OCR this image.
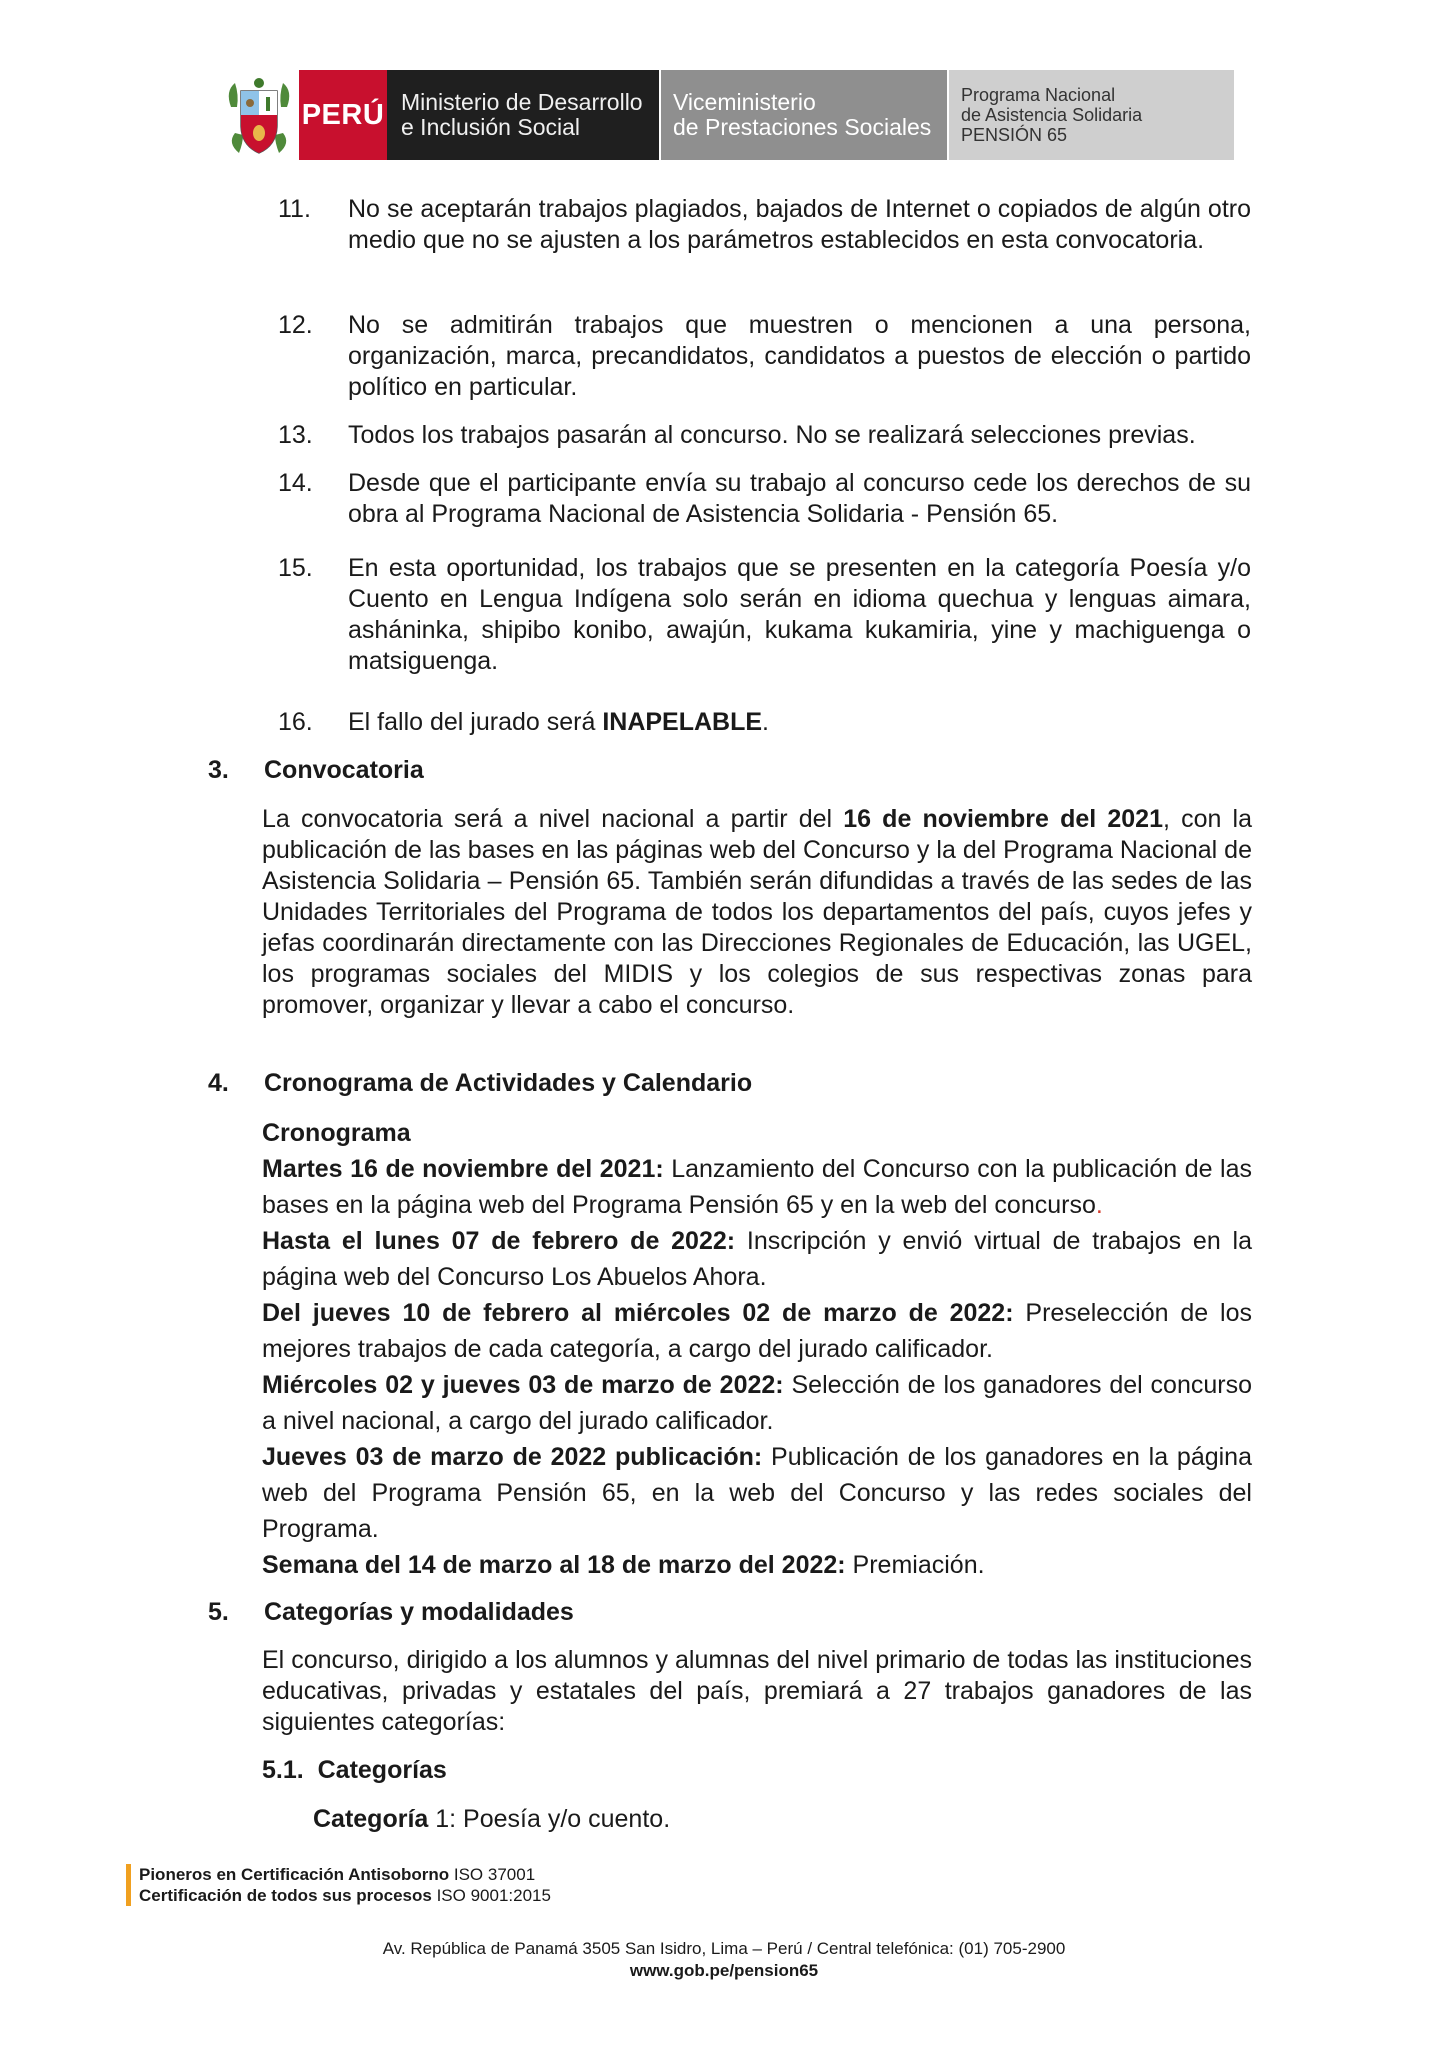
PERÚ Ministerio de Desarrollo
e Inclusión Social
Viceministerio
de Prestaciones Sociales
Programa Nacional
de Asistencia Solidaria
PENSIÓN 65
11.	No se aceptarán trabajos plagiados, bajados de Internet o copiados de algún otro medio que no se ajusten a los parámetros establecidos en esta convocatoria.
12.	No se admitirán trabajos que muestren o mencionen a una persona, organización, marca, precandidatos, candidatos a puestos de elección o partido político en particular.
13.	Todos los trabajos pasarán al concurso. No se realizará selecciones previas.
14.	Desde que el participante envía su trabajo al concurso cede los derechos de su obra al Programa Nacional de Asistencia Solidaria - Pensión 65.
15.	En esta oportunidad, los trabajos que se presenten en la categoría Poesía y/o Cuento en Lengua Indígena solo serán en idioma quechua y lenguas aimara, asháninka, shipibo konibo, awajún, kukama kukamiria, yine y machiguenga o matsiguenga.
16.	El fallo del jurado será INAPELABLE.
3. Convocatoria
La convocatoria será a nivel nacional a partir del 16 de noviembre del 2021, con la publicación de las bases en las páginas web del Concurso y la del Programa Nacional de Asistencia Solidaria – Pensión 65. También serán difundidas a través de las sedes de las Unidades Territoriales del Programa de todos los departamentos del país, cuyos jefes y jefas coordinarán directamente con las Direcciones Regionales de Educación, las UGEL, los programas sociales del MIDIS y los colegios de sus respectivas zonas para promover, organizar y llevar a cabo el concurso.
4. Cronograma de Actividades y Calendario
Cronograma
Martes 16 de noviembre del 2021: Lanzamiento del Concurso con la publicación de las bases en la página web del Programa Pensión 65 y en la web del concurso.
Hasta el lunes 07 de febrero de 2022: Inscripción y envió virtual de trabajos en la página web del Concurso Los Abuelos Ahora.
Del jueves 10 de febrero al miércoles 02 de marzo de 2022: Preselección de los mejores trabajos de cada categoría, a cargo del jurado calificador.
Miércoles 02 y jueves 03 de marzo de 2022: Selección de los ganadores del concurso a nivel nacional, a cargo del jurado calificador.
Jueves 03 de marzo de 2022 publicación: Publicación de los ganadores en la página web del Programa Pensión 65, en la web del Concurso y las redes sociales del Programa.
Semana del 14 de marzo al 18 de marzo del 2022: Premiación.
5. Categorías y modalidades
El concurso, dirigido a los alumnos y alumnas del nivel primario de todas las instituciones educativas, privadas y estatales del país, premiará a 27 trabajos ganadores de las siguientes categorías:
5.1. Categorías
Categoría 1: Poesía y/o cuento.
Pioneros en Certificación Antisoborno ISO 37001
Certificación de todos sus procesos ISO 9001:2015
Av. República de Panamá 3505 San Isidro, Lima – Perú / Central telefónica: (01) 705-2900
www.gob.pe/pension65
